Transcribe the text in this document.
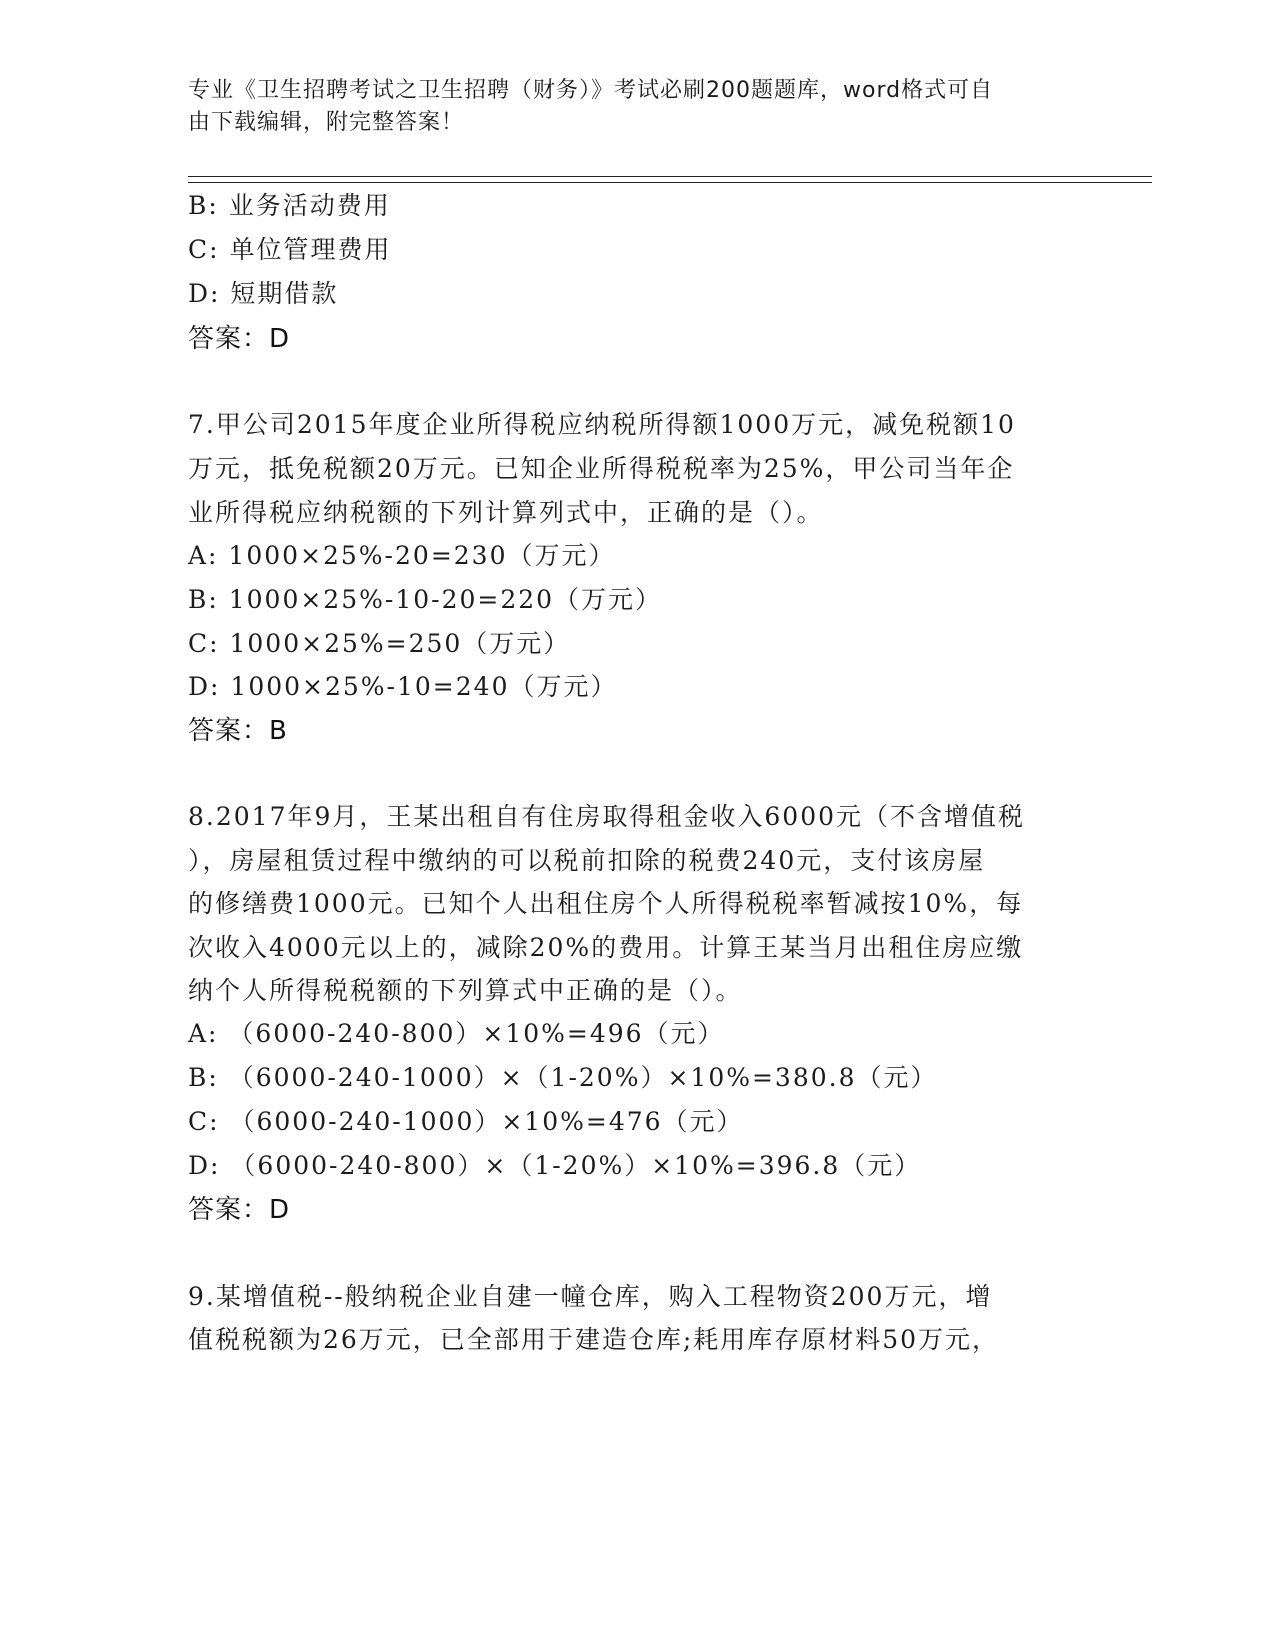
专业《卫生招聘考试之卫生招聘（财务）》考试必刷200题题库，word格式可自
由下载编辑，附完整答案！
B: 业务活动费用
C: 单位管理费用
D: 短期借款
答案：D
7.甲公司2015年度企业所得税应纳税所得额1000万元，减免税额10
万元，抵免税额20万元。已知企业所得税税率为25%，甲公司当年企
业所得税应纳税额的下列计算列式中，正确的是（）。
A: 1000×25%-20=230（万元）
B: 1000×25%-10-20=220（万元）
C: 1000×25%=250（万元）
D: 1000×25%-10=240（万元）
答案：B
8.2017年9月，王某出租自有住房取得租金收入6000元（不含增值税
），房屋租赁过程中缴纳的可以税前扣除的税费240元，支付该房屋
的修缮费1000元。已知个人出租住房个人所得税税率暂减按10%，每
次收入4000元以上的，减除20%的费用。计算王某当月出租住房应缴
纳个人所得税税额的下列算式中正确的是（）。
A: （6000-240-800）×10%=496（元）
B: （6000-240-1000）×（1-20%）×10%=380.8（元）
C: （6000-240-1000）×10%=476（元）
D: （6000-240-800）×（1-20%）×10%=396.8（元）
答案：D
9.某增值税--般纳税企业自建一幢仓库，购入工程物资200万元，增
值税税额为26万元，已全部用于建造仓库;耗用库存原材料50万元，
